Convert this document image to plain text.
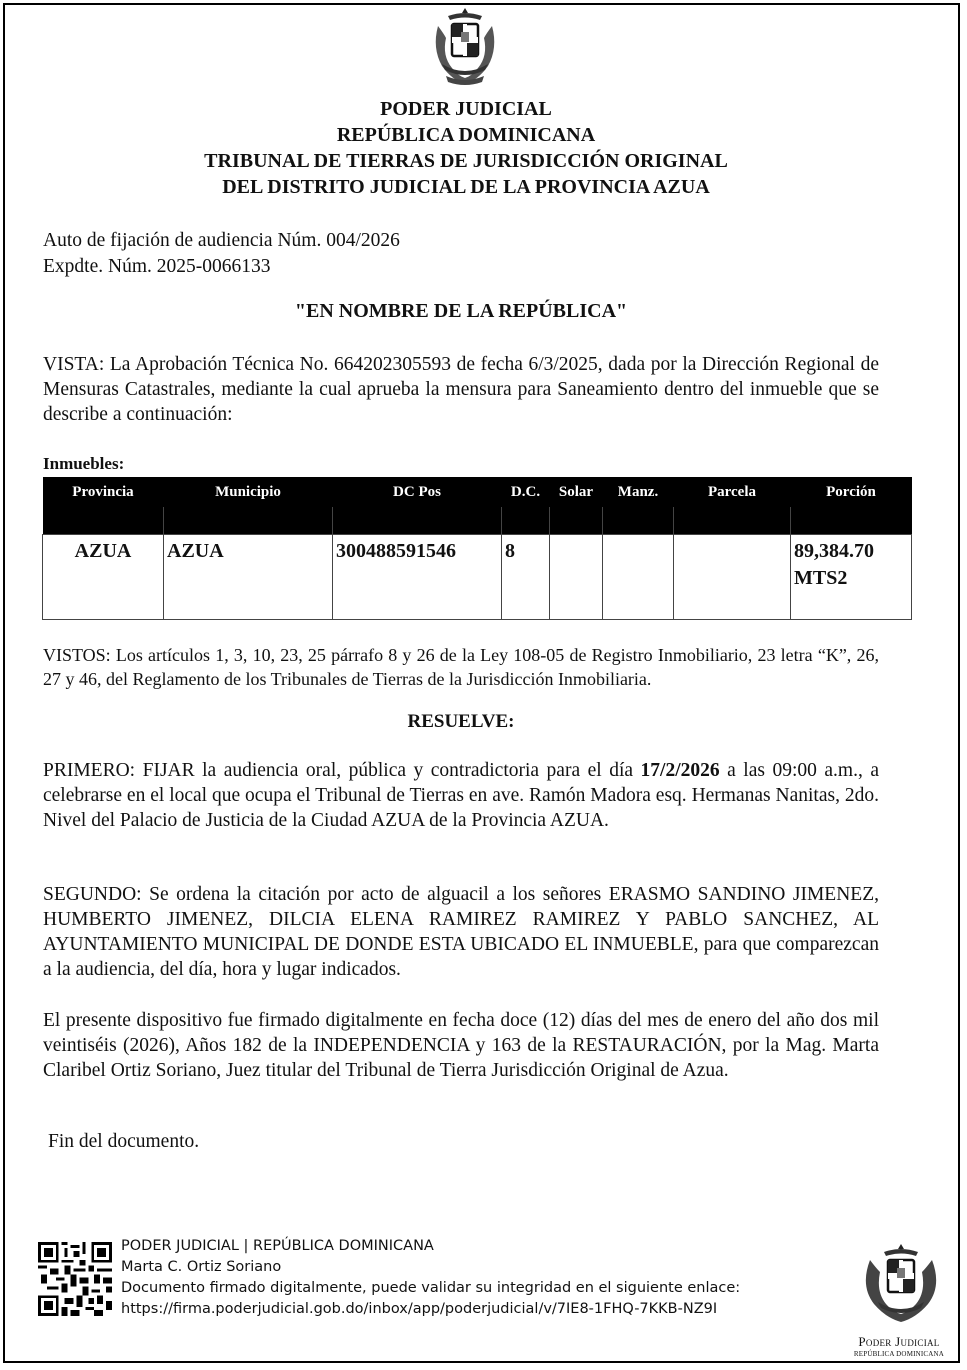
PODER JUDICIAL
REPÚBLICA DOMINICANA
TRIBUNAL DE TIERRAS DE JURISDICCIÓN ORIGINAL
DEL DISTRITO JUDICIAL DE LA PROVINCIA AZUA
Auto de fijación de audiencia Núm. 004/2026
Expdte. Núm. 2025-0066133
"EN NOMBRE DE LA REPÚBLICA"
VISTA: La Aprobación Técnica No. 664202305593 de fecha 6/3/2025, dada por la Dirección Regional de Mensuras Catastrales, mediante la cual aprueba la mensura para Saneamiento dentro del inmueble que se describe a continuación:
Inmuebles:
Provincia	Municipio	DC Pos	D.C.	Solar	Manz.	Parcela	Porción

AZUA	AZUA	300488591546	8				89,384.70
MTS2
VISTOS: Los artículos 1, 3, 10, 23, 25 párrafo 8 y 26 de la Ley 108-05 de Registro Inmobiliario, 23 letra “K”, 26, 27 y 46, del Reglamento de los Tribunales de Tierras de la Jurisdicción Inmobiliaria.
RESUELVE:
PRIMERO: FIJAR la audiencia oral, pública y contradictoria para el día 17/2/2026 a las 09:00 a.m., a celebrarse en el local que ocupa el Tribunal de Tierras en ave. Ramón Madora esq. Hermanas Nanitas, 2do. Nivel del Palacio de Justicia de la Ciudad AZUA de la Provincia AZUA.
SEGUNDO: Se ordena la citación por acto de alguacil a los señores ERASMO SANDINO JIMENEZ, HUMBERTO JIMENEZ, DILCIA ELENA RAMIREZ RAMIREZ Y PABLO SANCHEZ, AL AYUNTAMIENTO MUNICIPAL DE DONDE ESTA UBICADO EL INMUEBLE, para que comparezcan a la audiencia, del día, hora y lugar indicados.
El presente dispositivo fue firmado digitalmente en fecha doce (12) días del mes de enero del año dos mil veintiséis (2026), Años 182 de la INDEPENDENCIA y 163 de la RESTAURACIÓN, por la Mag. Marta Claribel Ortiz Soriano, Juez titular del Tribunal de Tierra Jurisdicción Original de Azua.
Fin del documento.
PODER JUDICIAL | REPÚBLICA DOMINICANA
Marta C. Ortiz Soriano
Documento firmado digitalmente, puede validar su integridad en el siguiente enlace:
https://firma.poderjudicial.gob.do/inbox/app/poderjudicial/v/7IE8-1FHQ-7KKB-NZ9I
Poder Judicial
REPÚBLICA DOMINICANA
